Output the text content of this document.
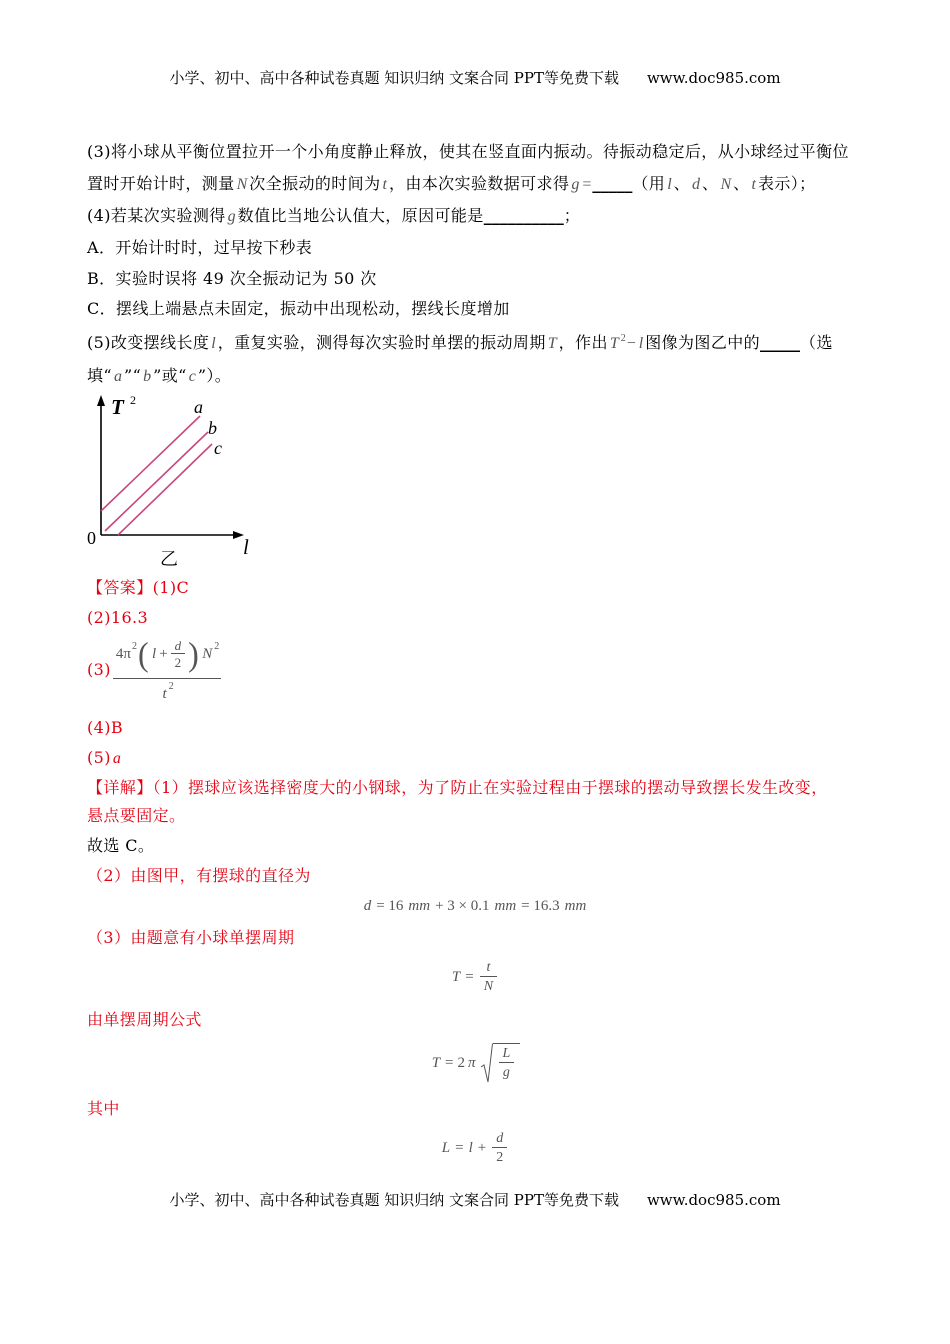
小学、初中、高中各种试卷真题 知识归纳 文案合同 PPT等免费下载 www.doc985.com
(3)将小球从平衡位置拉开一个小角度静止释放，使其在竖直面内振动。待振动稳定后，从小球经过平衡位
置时开始计时，测量 N 次全振动的时间为 t ，由本次实验数据可求得 g =_____（用 l 、 d 、 N 、 t 表示）；
(4)若某次实验测得 g 数值比当地公认值大，原因可能是__________；
A．开始计时时，过早按下秒表
B．实验时误将 49 次全振动记为 50 次
C．摆线上端悬点未固定，振动中出现松动，摆线长度增加
(5)改变摆线长度 l ，重复实验，测得每次实验时单摆的振动周期 T ，作出 T $^2$− l 图像为图乙中的_____（选
填“ a ”“ b ”或“ c ”）。
T 2	a
b
c
0	l
乙
【答案】(1)C
(2)16.3
(3)
4π 2 ( $l + \frac{d}{2}$ ) N 2
t 2
(4)B
(5) a
【详解】（1）摆球应该选择密度大的小钢球，为了防止在实验过程由于摆球的摆动导致摆长发生改变，
悬点要固定。
故选 C。
（2）由图甲，有摆球的直径为
d = 16 mm + 3 × 0.1 mm = 16.3 mm
（3）由题意有小球单摆周期
$T = \frac{t}{N}$
由单摆周期公式
T = 2 π $\frac{L}{g}$
其中
$L = l + \frac{d}{2}$
小学、初中、高中各种试卷真题 知识归纳 文案合同 PPT等免费下载 www.doc985.com
